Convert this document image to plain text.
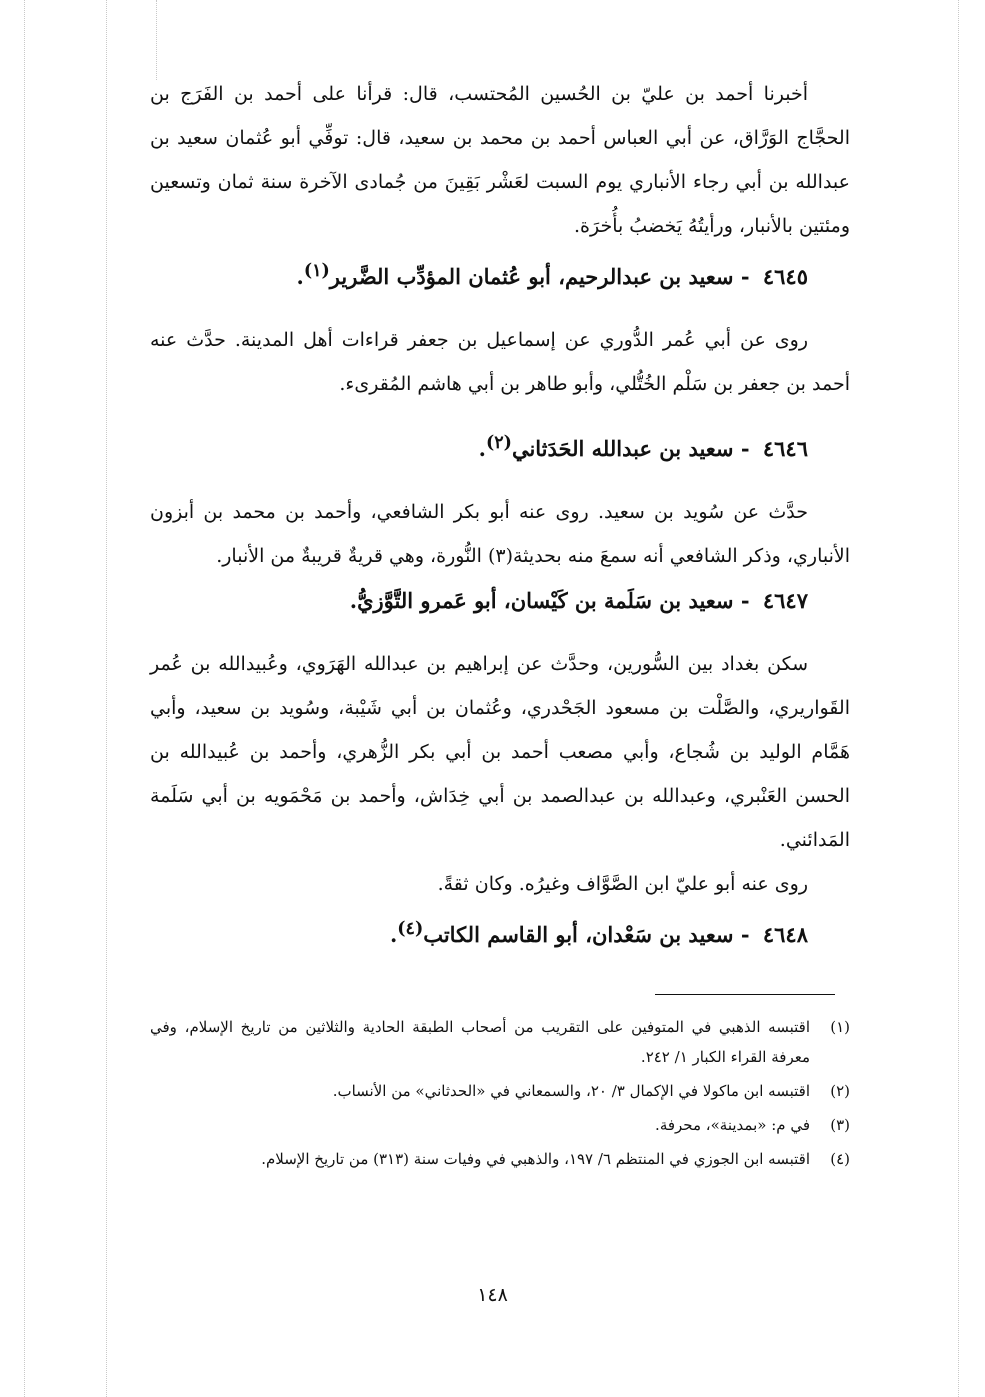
أخبرنا أحمد بن عليّ بن الحُسين المُحتسب، قال: قرأنا على أحمد بن الفَرَج بن الحجَّاج الوَرَّاق، عن أبي العباس أحمد بن محمد بن سعيد، قال: توفِّي أبو عُثمان سعيد بن عبدالله بن أبي رجاء الأنباري يوم السبت لعَشْر بَقِينَ من جُمادى الآخرة سنة ثمان وتسعين ومئتين بالأنبار، ورأيتُهُ يَخضبُ بأُخرَة.

٤٦٤٥ - سعيد بن عبدالرحيم، أبو عُثمان المؤدِّب الضَّرير$^{(١)}$.

روى عن أبي عُمر الدُّوري عن إسماعيل بن جعفر قراءات أهل المدينة. حدَّث عنه أحمد بن جعفر بن سَلْم الخُتُّلي، وأبو طاهر بن أبي هاشم المُقرىء.

٤٦٤٦ - سعيد بن عبدالله الحَدَثاني$^{(٢)}$.

حدَّث عن سُويد بن سعيد. روى عنه أبو بكر الشافعي، وأحمد بن محمد بن أبزون الأنباري، وذكر الشافعي أنه سمعَ منه بحديثة(٣) النُّورة، وهي قريةٌ قريبةٌ من الأنبار.

٤٦٤٧ - سعيد بن سَلَمة بن كَيْسان، أبو عَمرو التَّوَّزيُّ.

سكن بغداد بين السُّورين، وحدَّث عن إبراهيم بن عبدالله الهَرَوي، وعُبيدالله بن عُمر القَواريري، والصَّلْت بن مسعود الجَحْدري، وعُثمان بن أبي شَيْبة، وسُويد بن سعيد، وأبي هَمَّام الوليد بن شُجاع، وأبي مصعب أحمد بن أبي بكر الزُّهري، وأحمد بن عُبيدالله بن الحسن العَنْبري، وعبدالله بن عبدالصمد بن أبي خِدَاش، وأحمد بن مَحْمَويه بن أبي سَلَمة المَدائني.

روى عنه أبو عليّ ابن الصَّوَّاف وغيرُه. وكان ثقةً.

٤٦٤٨ - سعيد بن سَعْدان، أبو القاسم الكاتب$^{(٤)}$.
(١)
اقتبسه الذهبي في المتوفين على التقريب من أصحاب الطبقة الحادية والثلاثين من تاريخ الإسلام، وفي معرفة القراء الكبار ١/ ٢٤٢.
(٢)
اقتبسه ابن ماكولا في الإكمال ٣/ ٢٠، والسمعاني في «الحدثاني» من الأنساب.
(٣)
في م: «بمدينة»، محرفة.
(٤)
اقتبسه ابن الجوزي في المنتظم ٦/ ١٩٧، والذهبي في وفيات سنة (٣١٣) من تاريخ الإسلام.
١٤٨
